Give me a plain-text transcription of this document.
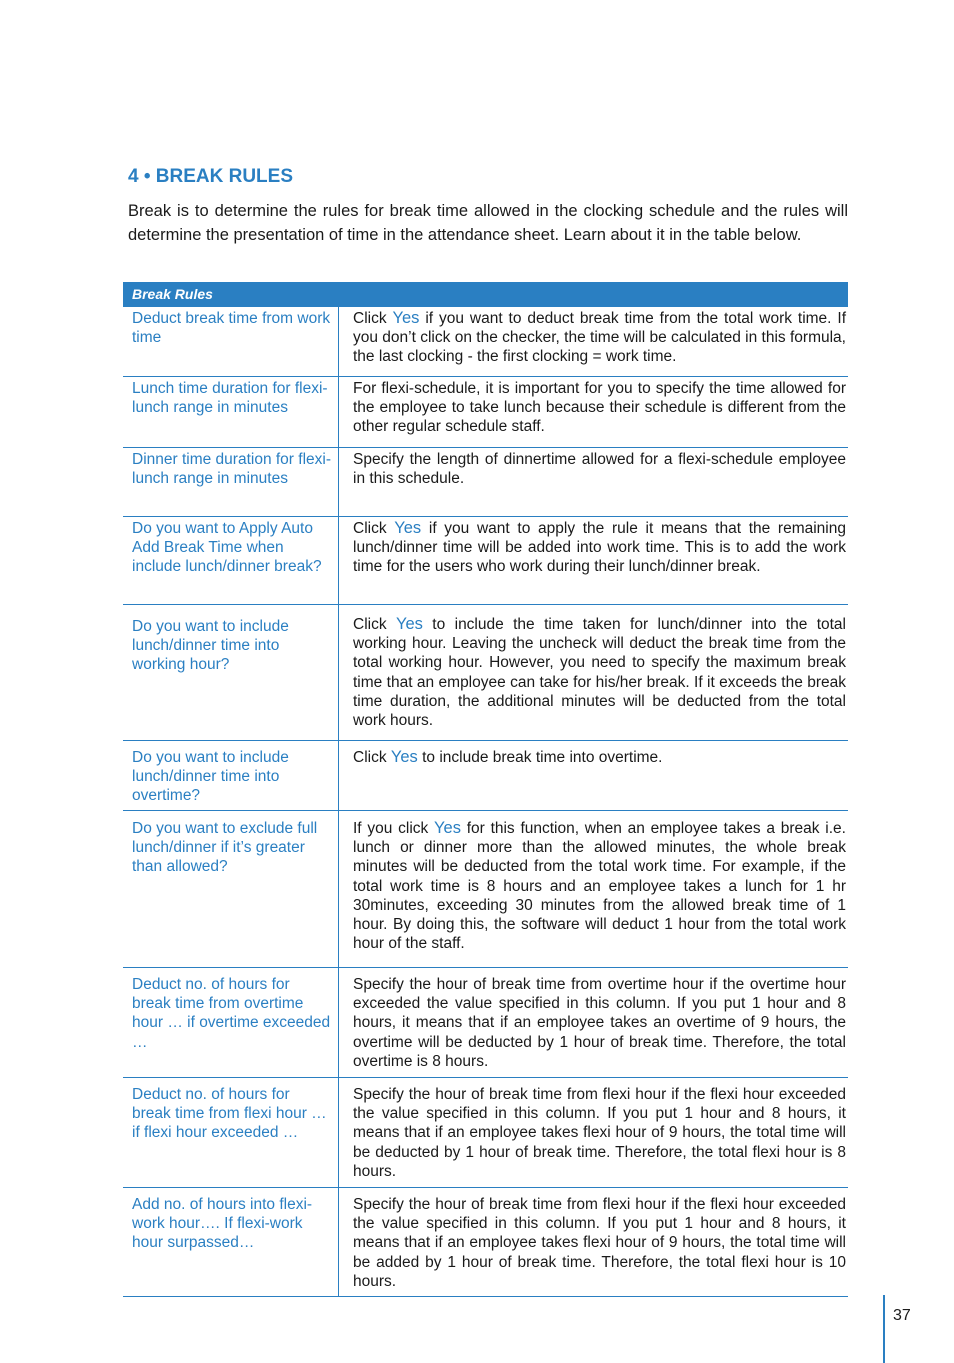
4 • BREAK RULES

Break is to determine the rules for break time allowed in the clocking schedule and the rules will determine the presentation of time in the attendance sheet. Learn about it in the table below.

Break Rules
Deduct break time from work time
Click Yes if you want to deduct break time from the total work time. If you don’t click on the checker, the time will be calculated in this formula, the last clocking - the first clocking = work time.
Lunch time duration for flexi-lunch range in minutes
For flexi-schedule, it is important for you to specify the time allowed for the employee to take lunch because their schedule is different from the other regular schedule staff.
Dinner time duration for flexi-lunch range in minutes
Specify the length of dinnertime allowed for a flexi-schedule employee in this schedule.
Do you want to Apply Auto Add Break Time when include lunch/dinner break?
Click Yes if you want to apply the rule it means that the remaining lunch/dinner time will be added into work time. This is to add the work time for the users who work during their lunch/dinner break.
Do you want to include lunch/dinner time into working hour?
Click Yes to include the time taken for lunch/dinner into the total working hour. Leaving the uncheck will deduct the break time from the total working hour. However, you need to specify the maximum break time that an employee can take for his/her break. If it exceeds the break time duration, the additional minutes will be deducted from the total work hours.
Do you want to include lunch/dinner time into overtime?
Click Yes to include break time into overtime.
Do you want to exclude full lunch/dinner if it’s greater than allowed?
If you click Yes for this function, when an employee takes a break i.e. lunch or dinner more than the allowed minutes, the whole break minutes will be deducted from the total work time. For example, if the total work time is 8 hours and an employee takes a lunch for 1 hr 30minutes, exceeding 30 minutes from the allowed break time of 1 hour. By doing this, the software will deduct 1 hour from the total work hour of the staff.
Deduct no. of hours for break time from overtime hour … if overtime exceeded …
Specify the hour of break time from overtime hour if the overtime hour exceeded the value specified in this column. If you put 1 hour and 8 hours, it means that if an employee takes an overtime of 9 hours, the overtime will be deducted by 1 hour of break time. Therefore, the total overtime is 8 hours.
Deduct no. of hours for break time from flexi hour … if flexi hour exceeded …
Specify the hour of break time from flexi hour if the flexi hour exceeded the value specified in this column. If you put 1 hour and 8 hours, it means that if an employee takes flexi hour of 9 hours, the total time will be deducted by 1 hour of break time. Therefore, the total flexi hour is 8 hours.
Add no. of hours into flexi-work hour…. If flexi-work hour surpassed…
Specify the hour of break time from flexi hour if the flexi hour exceeded the value specified in this column. If you put 1 hour and 8 hours, it means that if an employee takes flexi hour of 9 hours, the total time will be added by 1 hour of break time. Therefore, the total flexi hour is 10 hours.
37
